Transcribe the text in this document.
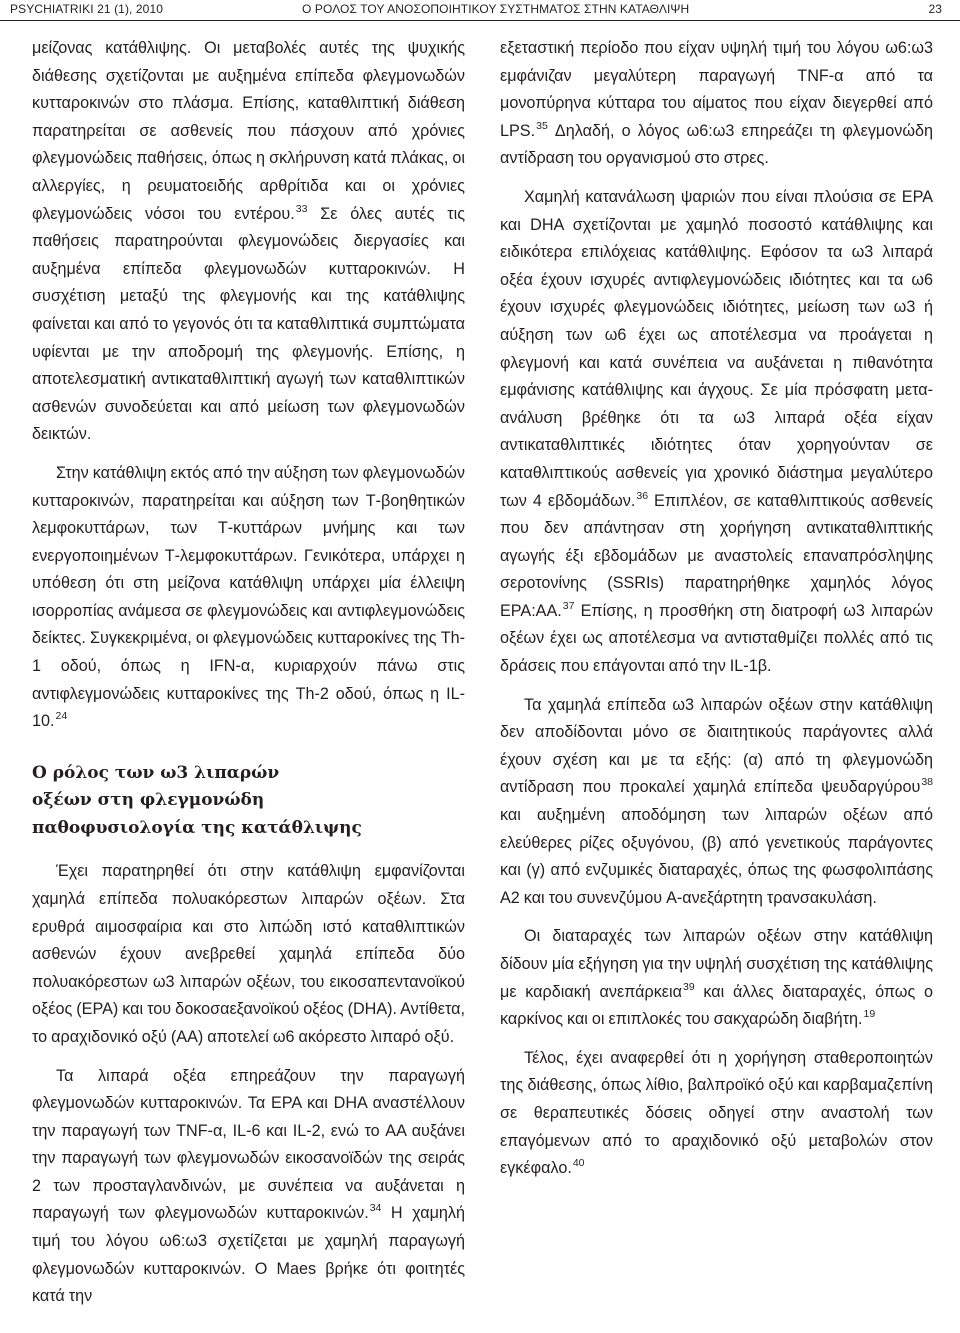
PSYCHIATRIKI 21 (1), 2010	Ο ΡΟΛΟΣ ΤΟΥ ΑΝΟΣΟΠΟΙΗΤΙΚΟΥ ΣΥΣΤΗΜΑΤΟΣ ΣΤΗΝ ΚΑΤΑΘΛΙΨΗ	23

μείζονας κατάθλιψης. Οι μεταβολές αυτές της ψυχικής διάθεσης σχετίζονται με αυξημένα επίπεδα φλεγμονωδών κυτταροκινών στο πλάσμα. Επίσης, καταθλιπτική διάθεση παρατηρείται σε ασθενείς που πάσχουν από χρόνιες φλεγμονώδεις παθήσεις, όπως η σκλήρυνση κατά πλάκας, οι αλλεργίες, η ρευματοειδής αρθρίτιδα και οι χρόνιες φλεγμονώδεις νόσοι του εντέρου.$^{33}$ Σε όλες αυτές τις παθήσεις παρατηρούνται φλεγμονώδεις διεργασίες και αυξημένα επίπεδα φλεγμονωδών κυτταροκινών. Η συσχέτιση μεταξύ της φλεγμονής και της κατάθλιψης φαίνεται και από το γεγονός ότι τα καταθλιπτικά συμπτώματα υφίενται με την αποδρομή της φλεγμονής. Επίσης, η αποτελεσματική αντικαταθλιπτική αγωγή των καταθλιπτικών ασθενών συνοδεύεται και από μείωση των φλεγμονωδών δεικτών.

Στην κατάθλιψη εκτός από την αύξηση των φλεγμονωδών κυτταροκινών, παρατηρείται και αύξηση των Τ-βοηθητικών λεμφοκυττάρων, των Τ-κυττάρων μνήμης και των ενεργοποιημένων Τ-λεμφοκυττάρων. Γενικότερα, υπάρχει η υπόθεση ότι στη μείζονα κατάθλιψη υπάρχει μία έλλειψη ισορροπίας ανάμεσα σε φλεγμονώδεις και αντιφλεγμονώδεις δείκτες. Συγκεκριμένα, οι φλεγμονώδεις κυτταροκίνες της Th-1 οδού, όπως η IFN-α, κυριαρχούν πάνω στις αντιφλεγμονώδεις κυτταροκίνες της Th-2 οδού, όπως η IL-10.24

Ο ρόλος των ω3 λιπαρών
οξέων στη φλεγμονώδη
παθοφυσιολογία της κατάθλιψης

Έχει παρατηρηθεί ότι στην κατάθλιψη εμφανίζονται χαμηλά επίπεδα πολυακόρεστων λιπαρών οξέων. Στα ερυθρά αιμοσφαίρια και στο λιπώδη ιστό καταθλιπτικών ασθενών έχουν ανεβρεθεί χαμηλά επίπεδα δύο πολυακόρεστων ω3 λιπαρών οξέων, του εικοσαπεντανοϊκού οξέος (EPA) και του δοκοσαεξανοϊκού οξέος (DHA). Αντίθετα, το αραχιδονικό οξύ (AA) αποτελεί ω6 ακόρεστο λιπαρό οξύ.

Τα λιπαρά οξέα επηρεάζουν την παραγωγή φλεγμονωδών κυτταροκινών. Τα EPA και DHA αναστέλλουν την παραγωγή των TNF-α, IL-6 και IL-2, ενώ το AA αυξάνει την παραγωγή των φλεγμονωδών εικοσανοϊδών της σειράς 2 των προσταγλανδινών, με συνέπεια να αυξάνεται η παραγωγή των φλεγμονωδών κυτταροκινών.$^{34}$ Η χαμηλή τιμή του λόγου ω6:ω3 σχετίζεται με χαμηλή παραγωγή φλεγμονωδών κυτταροκινών. Ο Maes βρήκε ότι φοιτητές κατά την

εξεταστική περίοδο που είχαν υψηλή τιμή του λόγου ω6:ω3 εμφάνιζαν μεγαλύτερη παραγωγή TNF-α από τα μονοπύρηνα κύτταρα του αίματος που είχαν διεγερθεί από LPS.$^{35}$ Δηλαδή, ο λόγος ω6:ω3 επηρεάζει τη φλεγμονώδη αντίδραση του οργανισμού στο στρες.

Χαμηλή κατανάλωση ψαριών που είναι πλούσια σε EPA και DHA σχετίζονται με χαμηλό ποσοστό κατάθλιψης και ειδικότερα επιλόχειας κατάθλιψης. Εφόσον τα ω3 λιπαρά οξέα έχουν ισχυρές αντιφλεγμονώδεις ιδιότητες και τα ω6 έχουν ισχυρές φλεγμονώδεις ιδιότητες, μείωση των ω3 ή αύξηση των ω6 έχει ως αποτέλεσμα να προάγεται η φλεγμονή και κατά συνέπεια να αυξάνεται η πιθανότητα εμφάνισης κατάθλιψης και άγχους. Σε μία πρόσφατη μετα-ανάλυση βρέθηκε ότι τα ω3 λιπαρά οξέα είχαν αντικαταθλιπτικές ιδιότητες όταν χορηγούνταν σε καταθλιπτικούς ασθενείς για χρονικό διάστημα μεγαλύτερο των 4 εβδομάδων.$^{36}$ Επιπλέον, σε καταθλιπτικούς ασθενείς που δεν απάντησαν στη χορήγηση αντικαταθλιπτικής αγωγής έξι εβδομάδων με αναστολείς επαναπρόσληψης σεροτονίνης (SSRIs) παρατηρήθηκε χαμηλός λόγος EPA:AA.$^{37}$ Επίσης, η προσθήκη στη διατροφή ω3 λιπαρών οξέων έχει ως αποτέλεσμα να αντισταθμίζει πολλές από τις δράσεις που επάγονται από την IL-1β.

Τα χαμηλά επίπεδα ω3 λιπαρών οξέων στην κατάθλιψη δεν αποδίδονται μόνο σε διαιτητικούς παράγοντες αλλά έχουν σχέση και με τα εξής: (α) από τη φλεγμονώδη αντίδραση που προκαλεί χαμηλά επίπεδα ψευδαργύρου$^{38}$ και αυξημένη αποδόμηση των λιπαρών οξέων από ελεύθερες ρίζες οξυγόνου, (β) από γενετικούς παράγοντες και (γ) από ενζυμικές διαταραχές, όπως της φωσφολιπάσης A2 και του συνενζύμου A-ανεξάρτητη τρανσακυλάση.

Οι διαταραχές των λιπαρών οξέων στην κατάθλιψη δίδουν μία εξήγηση για την υψηλή συσχέτιση της κατάθλιψης με καρδιακή ανεπάρκεια$^{39}$ και άλλες διαταραχές, όπως ο καρκίνος και οι επιπλοκές του σακχαρώδη διαβήτη.$^{19}$

Τέλος, έχει αναφερθεί ότι η χορήγηση σταθεροποιητών της διάθεσης, όπως λίθιο, βαλπροϊκό οξύ και καρβαμαζεπίνη σε θεραπευτικές δόσεις οδηγεί στην αναστολή των επαγόμενων από το αραχιδονικό οξύ μεταβολών στον εγκέφαλο.$^{40}$
